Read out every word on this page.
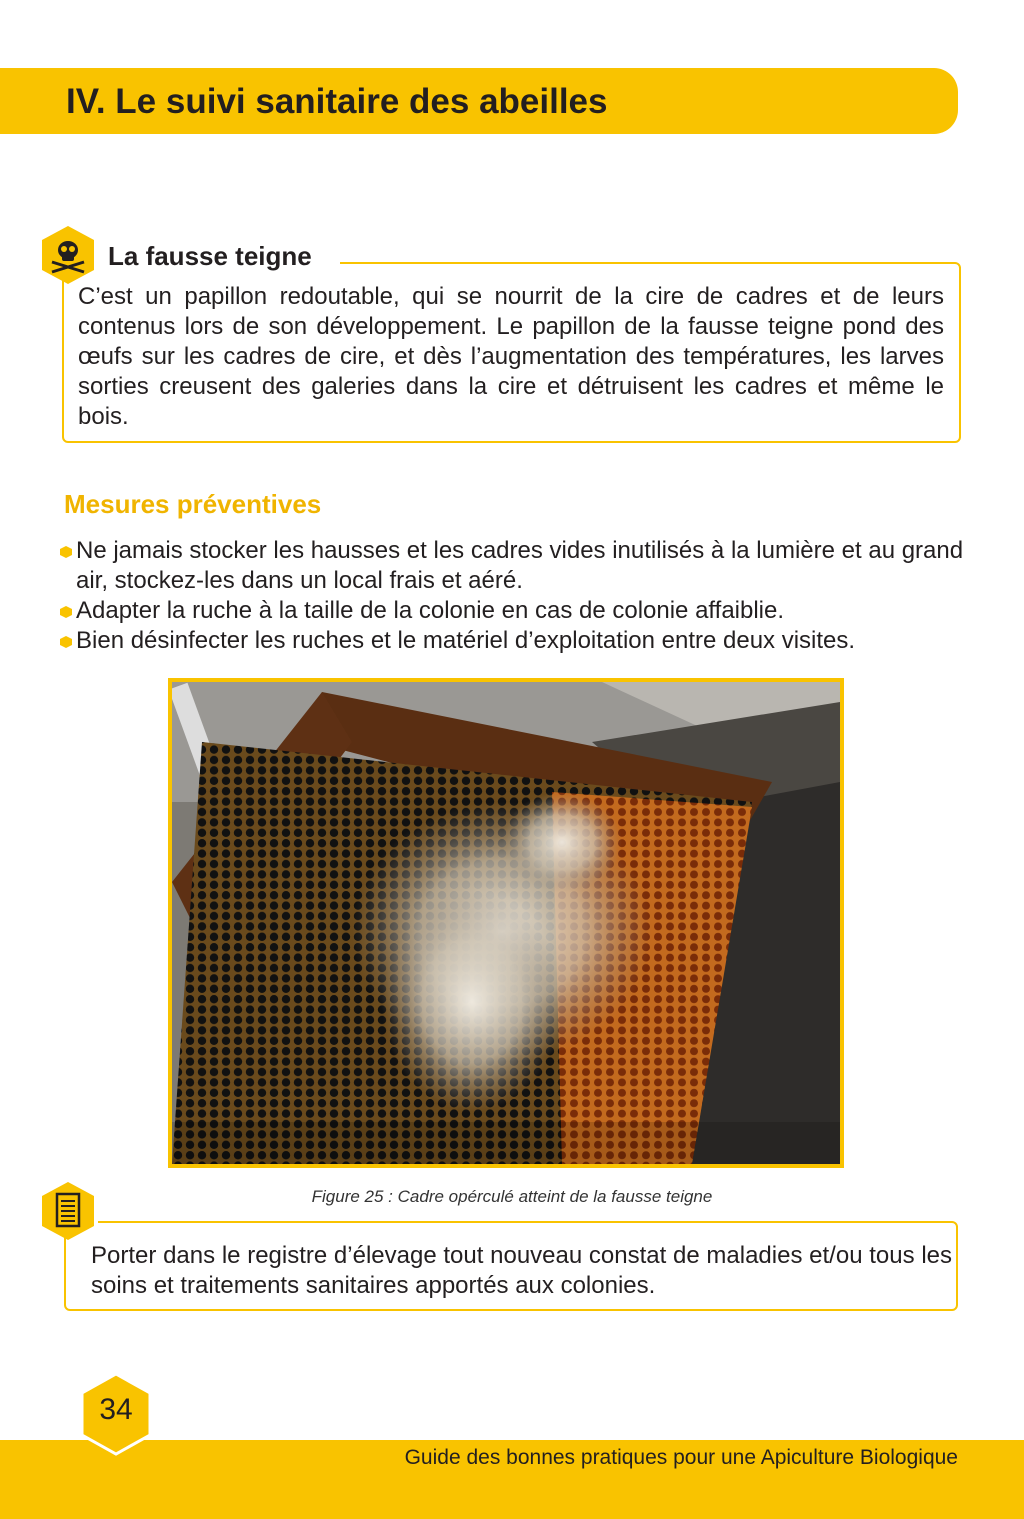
IV. Le suivi sanitaire des abeilles
La fausse teigne

C’est un papillon redoutable, qui se nourrit de la cire de cadres et de leurs contenus lors de son développement. Le papillon de la fausse teigne pond des œufs sur les cadres de cire, et dès l’augmentation des températures, les larves sorties creusent des galeries dans la cire et détruisent les cadres et même le bois.

Mesures préventives
Ne jamais stocker les hausses et les cadres vides inutilisés à la lumière et au grand air, stockez-les dans un local frais et aéré.
Adapter la ruche à la taille de la colonie en cas de colonie affaiblie.
Bien désinfecter les ruches et le matériel d’exploitation entre deux visites.
Figure 25 : Cadre opérculé atteint de la fausse teigne

Porter dans le registre d’élevage tout nouveau constat de maladies et/ou tous les soins et traitements sanitaires apportés aux colonies.

34
Guide des bonnes pratiques pour une Apiculture Biologique
